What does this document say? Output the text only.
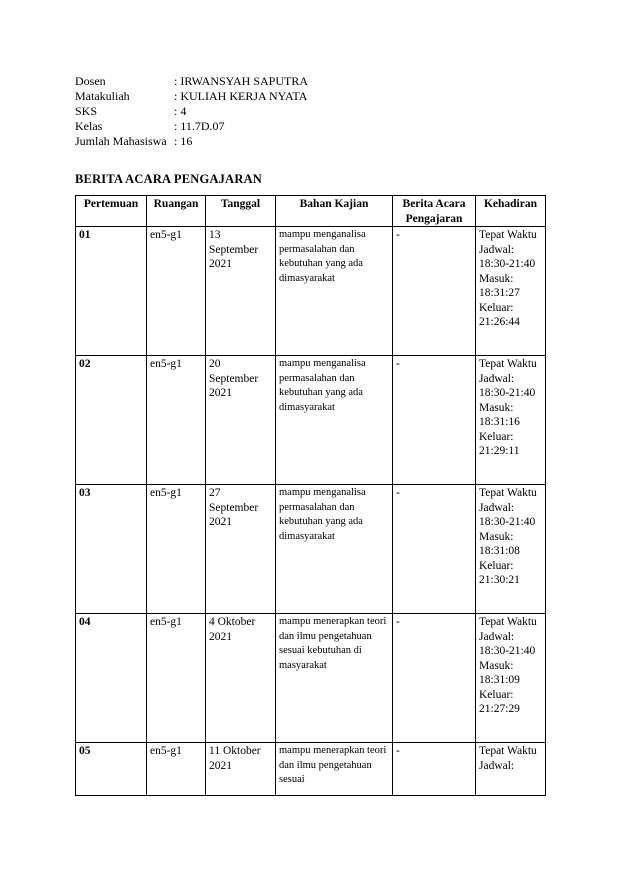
Dosen	: IRWANSYAH SAPUTRA
Matakuliah	: KULIAH KERJA NYATA
SKS	: 4
Kelas	: 11.7D.07
Jumlah Mahasiswa : 16
BERITA ACARA PENGAJARAN
Pertemuan	Ruangan	Tanggal	Bahan Kajian	Berita Acara Pengajaran	Kehadiran
01	en5-g1	13 September 2021	mampu menganalisa permasalahan dan kebutuhan yang ada dimasyarakat	-	Tepat Waktu Jadwal: 18:30-21:40 Masuk: 18:31:27 Keluar: 21:26:44
02	en5-g1	20 September 2021	mampu menganalisa permasalahan dan kebutuhan yang ada dimasyarakat	-	Tepat Waktu Jadwal: 18:30-21:40 Masuk: 18:31:16 Keluar: 21:29:11
03	en5-g1	27 September 2021	mampu menganalisa permasalahan dan kebutuhan yang ada dimasyarakat	-	Tepat Waktu Jadwal: 18:30-21:40 Masuk: 18:31:08 Keluar: 21:30:21
04	en5-g1	4 Oktober 2021	mampu menerapkan teori dan ilmu pengetahuan sesuai kebutuhan di masyarakat	-	Tepat Waktu Jadwal: 18:30-21:40 Masuk: 18:31:09 Keluar: 21:27:29
05	en5-g1	11 Oktober 2021	mampu menerapkan teori dan ilmu pengetahuan sesuai	-	Tepat Waktu Jadwal:
